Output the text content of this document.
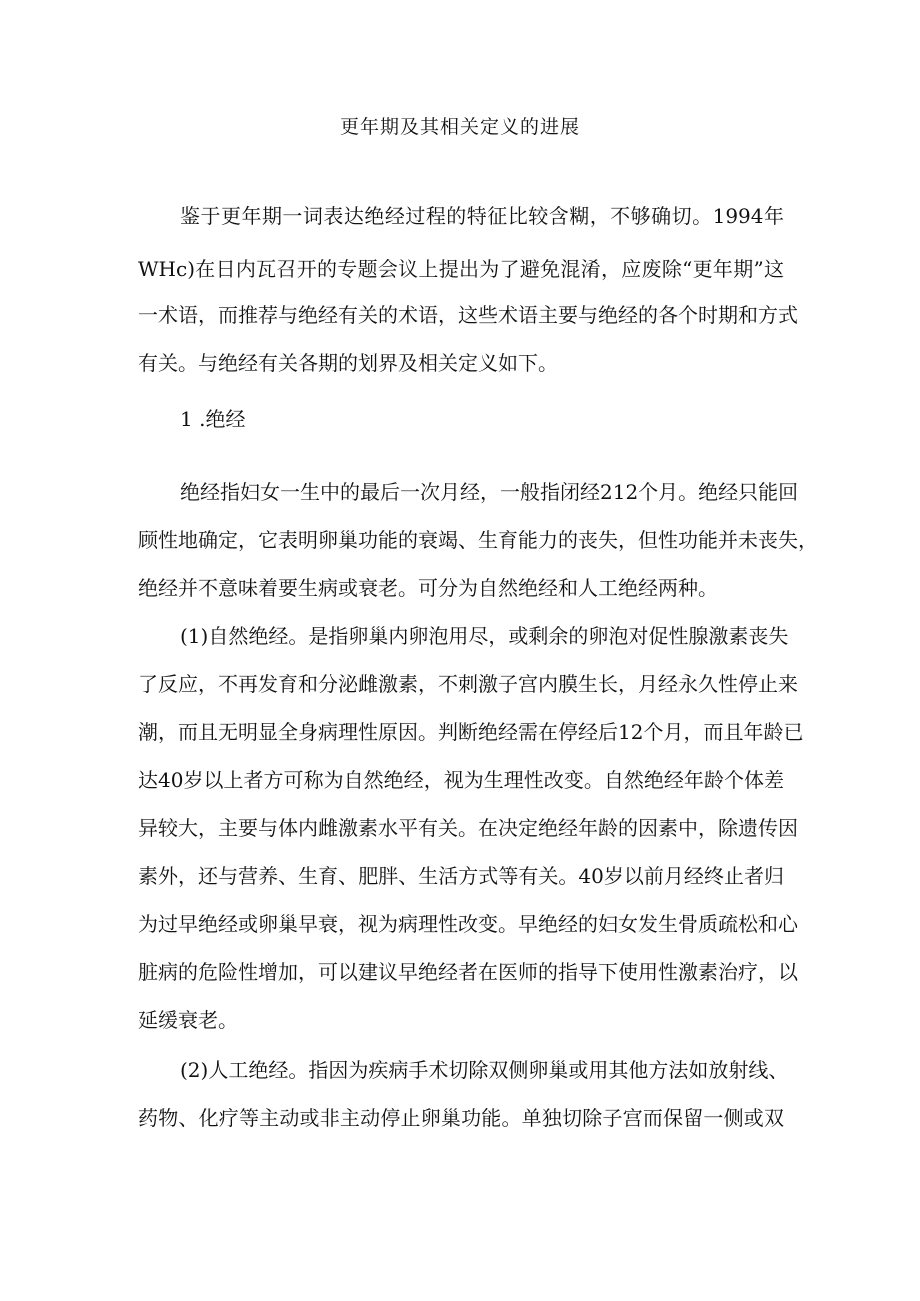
更年期及其相关定义的进展
鉴于更年期一词表达绝经过程的特征比较含糊，不够确切。1994年
WHc)在日内瓦召开的专题会议上提出为了避免混淆，应废除“更年期”这
一术语，而推荐与绝经有关的术语，这些术语主要与绝经的各个时期和方式
有关。与绝经有关各期的划界及相关定义如下。
1 .绝经
绝经指妇女一生中的最后一次月经，一般指闭经212个月。绝经只能回
顾性地确定，它表明卵巢功能的衰竭、生育能力的丧失，但性功能并未丧失，
绝经并不意味着要生病或衰老。可分为自然绝经和人工绝经两种。
(1)自然绝经。是指卵巢内卵泡用尽，或剩余的卵泡对促性腺激素丧失
了反应，不再发育和分泌雌激素，不刺激子宫内膜生长，月经永久性停止来
潮，而且无明显全身病理性原因。判断绝经需在停经后12个月，而且年龄已
达40岁以上者方可称为自然绝经，视为生理性改变。自然绝经年龄个体差
异较大，主要与体内雌激素水平有关。在决定绝经年龄的因素中，除遗传因
素外，还与营养、生育、肥胖、生活方式等有关。40岁以前月经终止者归
为过早绝经或卵巢早衰，视为病理性改变。早绝经的妇女发生骨质疏松和心
脏病的危险性增加，可以建议早绝经者在医师的指导下使用性激素治疗，以
延缓衰老。
(2)人工绝经。指因为疾病手术切除双侧卵巢或用其他方法如放射线、
药物、化疗等主动或非主动停止卵巢功能。单独切除子宫而保留一侧或双
